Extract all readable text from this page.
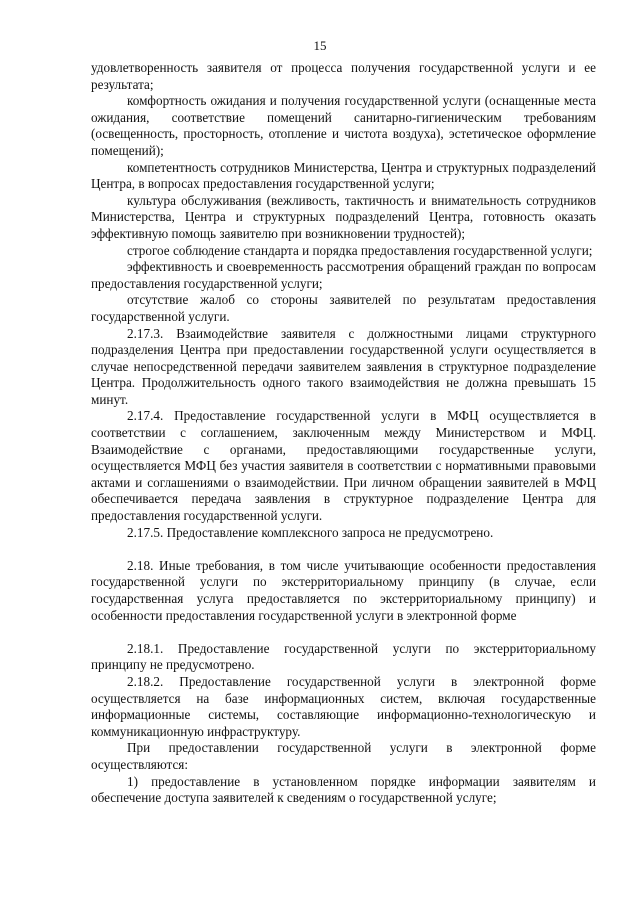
15

удовлетворенность заявителя от процесса получения государственной услуги и ее результата;

комфортность ожидания и получения государственной услуги (оснащенные места ожидания, соответствие помещений санитарно-гигиеническим требованиям (освещенность, просторность, отопление и чистота воздуха), эстетическое оформление помещений);

компетентность сотрудников Министерства, Центра и структурных подразделений Центра, в вопросах предоставления государственной услуги;

культура обслуживания (вежливость, тактичность и внимательность сотрудников Министерства, Центра и структурных подразделений Центра, готовность оказать эффективную помощь заявителю при возникновении трудностей);

строгое соблюдение стандарта и порядка предоставления государственной услуги;

эффективность и своевременность рассмотрения обращений граждан по вопросам предоставления государственной услуги;

отсутствие жалоб со стороны заявителей по результатам предоставления государственной услуги.

2.17.3. Взаимодействие заявителя с должностными лицами структурного подразделения Центра при предоставлении государственной услуги осуществляется в случае непосредственной передачи заявителем заявления в структурное подразделение Центра. Продолжительность одного такого взаимодействия не должна превышать 15 минут.

2.17.4. Предоставление государственной услуги в МФЦ осуществляется в соответствии с соглашением, заключенным между Министерством и МФЦ. Взаимодействие с органами, предоставляющими государственные услуги, осуществляется МФЦ без участия заявителя в соответствии с нормативными правовыми актами и соглашениями о взаимодействии. При личном обращении заявителей в МФЦ обеспечивается передача заявления в структурное подразделение Центра для предоставления государственной услуги.

2.17.5. Предоставление комплексного запроса не предусмотрено.

2.18. Иные требования, в том числе учитывающие особенности предоставления государственной услуги по экстерриториальному принципу (в случае, если государственная услуга предоставляется по экстерриториальному принципу) и особенности предоставления государственной услуги в электронной форме

2.18.1. Предоставление государственной услуги по экстерриториальному принципу не предусмотрено.

2.18.2. Предоставление государственной услуги в электронной форме осуществляется на базе информационных систем, включая государственные информационные системы, составляющие информационно-технологическую и коммуникационную инфраструктуру.

При предоставлении государственной услуги в электронной форме осуществляются:

1) предоставление в установленном порядке информации заявителям и обеспечение доступа заявителей к сведениям о государственной услуге;
